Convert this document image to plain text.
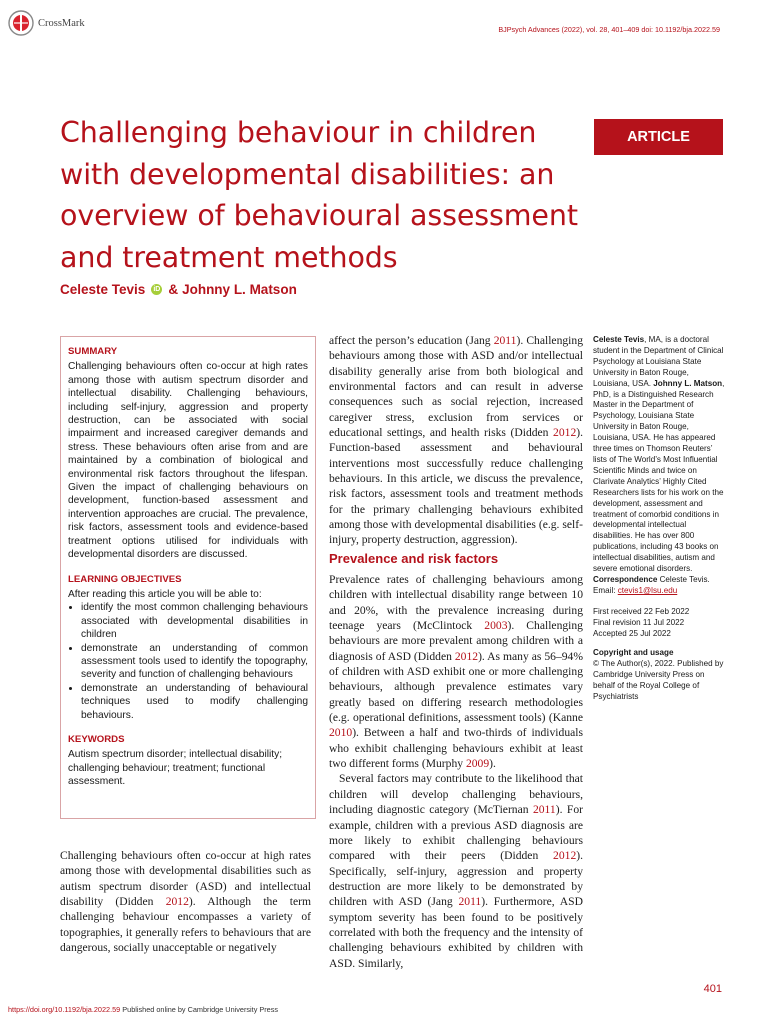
CrossMark
BJPsych Advances (2022), vol. 28, 401–409 doi: 10.1192/bja.2022.59
ARTICLE
Challenging behaviour in children with developmental disabilities: an overview of behavioural assessment and treatment methods
Celeste Tevis iD & Johnny L. Matson
SUMMARY
Challenging behaviours often co-occur at high rates among those with autism spectrum disorder and intellectual disability. Challenging behaviours, including self-injury, aggression and property destruction, can be associated with social impairment and increased caregiver demands and stress. These behaviours often arise from and are maintained by a combination of biological and environmental risk factors throughout the lifespan. Given the impact of challenging behaviours on development, function-based assessment and intervention approaches are crucial. The prevalence, risk factors, assessment tools and evidence-based treatment options utilised for individuals with developmental disorders are discussed.
LEARNING OBJECTIVES
After reading this article you will be able to:
• identify the most common challenging behaviours associated with developmental disabilities in children
• demonstrate an understanding of common assessment tools used to identify the topography, severity and function of challenging behaviours
• demonstrate an understanding of behavioural techniques used to modify challenging behaviours.
KEYWORDS
Autism spectrum disorder; intellectual disability; challenging behaviour; treatment; functional assessment.
Challenging behaviours often co-occur at high rates among those with developmental disabilities such as autism spectrum disorder (ASD) and intellectual disability (Didden 2012). Although the term challenging behaviour encompasses a variety of topographies, it generally refers to behaviours that are dangerous, socially unacceptable or negatively
affect the person’s education (Jang 2011). Challenging behaviours among those with ASD and/or intellectual disability generally arise from both biological and environmental factors and can result in adverse consequences such as social rejection, increased caregiver stress, exclusion from services or educational settings, and health risks (Didden 2012). Function-based assessment and behavioural interventions most successfully reduce challenging behaviours. In this article, we discuss the prevalence, risk factors, assessment tools and treatment methods for the primary challenging behaviours exhibited among those with developmental disabilities (e.g. self-injury, property destruction, aggression).
Prevalence and risk factors

Prevalence rates of challenging behaviours among children with intellectual disability range between 10 and 20%, with the prevalence increasing during teenage years (McClintock 2003). Challenging behaviours are more prevalent among children with a diagnosis of ASD (Didden 2012). As many as 56–94% of children with ASD exhibit one or more challenging behaviours, although prevalence estimates vary greatly based on differing research methodologies (e.g. operational definitions, assessment tools) (Kanne 2010). Between a half and two-thirds of individuals who exhibit challenging behaviours exhibit at least two different forms (Murphy 2009).

Several factors may contribute to the likelihood that children will develop challenging behaviours, including diagnostic category (McTiernan 2011). For example, children with a previous ASD diagnosis are more likely to exhibit challenging behaviours compared with their peers (Didden 2012). Specifically, self-injury, aggression and property destruction are more likely to be demonstrated by children with ASD (Jang 2011). Furthermore, ASD symptom severity has been found to be positively correlated with both the frequency and the intensity of challenging behaviours exhibited by children with ASD. Similarly,

Celeste Tevis, MA, is a doctoral student in the Department of Clinical Psychology at Louisiana State University in Baton Rouge, Louisiana, USA. Johnny L. Matson, PhD, is a Distinguished Research Master in the Department of Psychology, Louisiana State University in Baton Rouge, Louisiana, USA. He has appeared three times on Thomson Reuters’ lists of The World’s Most Influential Scientific Minds and twice on Clarivate Analytics’ Highly Cited Researchers lists for his work on the development, assessment and treatment of comorbid conditions in developmental intellectual disabilities. He has over 800 publications, including 43 books on intellectual disabilities, autism and severe emotional disorders.
Correspondence Celeste Tevis.
Email: ctevis1@lsu.edu
First received 22 Feb 2022
Final revision 11 Jul 2022
Accepted 25 Jul 2022
Copyright and usage
© The Author(s), 2022. Published by Cambridge University Press on behalf of the Royal College of Psychiatrists
https://doi.org/10.1192/bja.2022.59 Published online by Cambridge University Press
401
